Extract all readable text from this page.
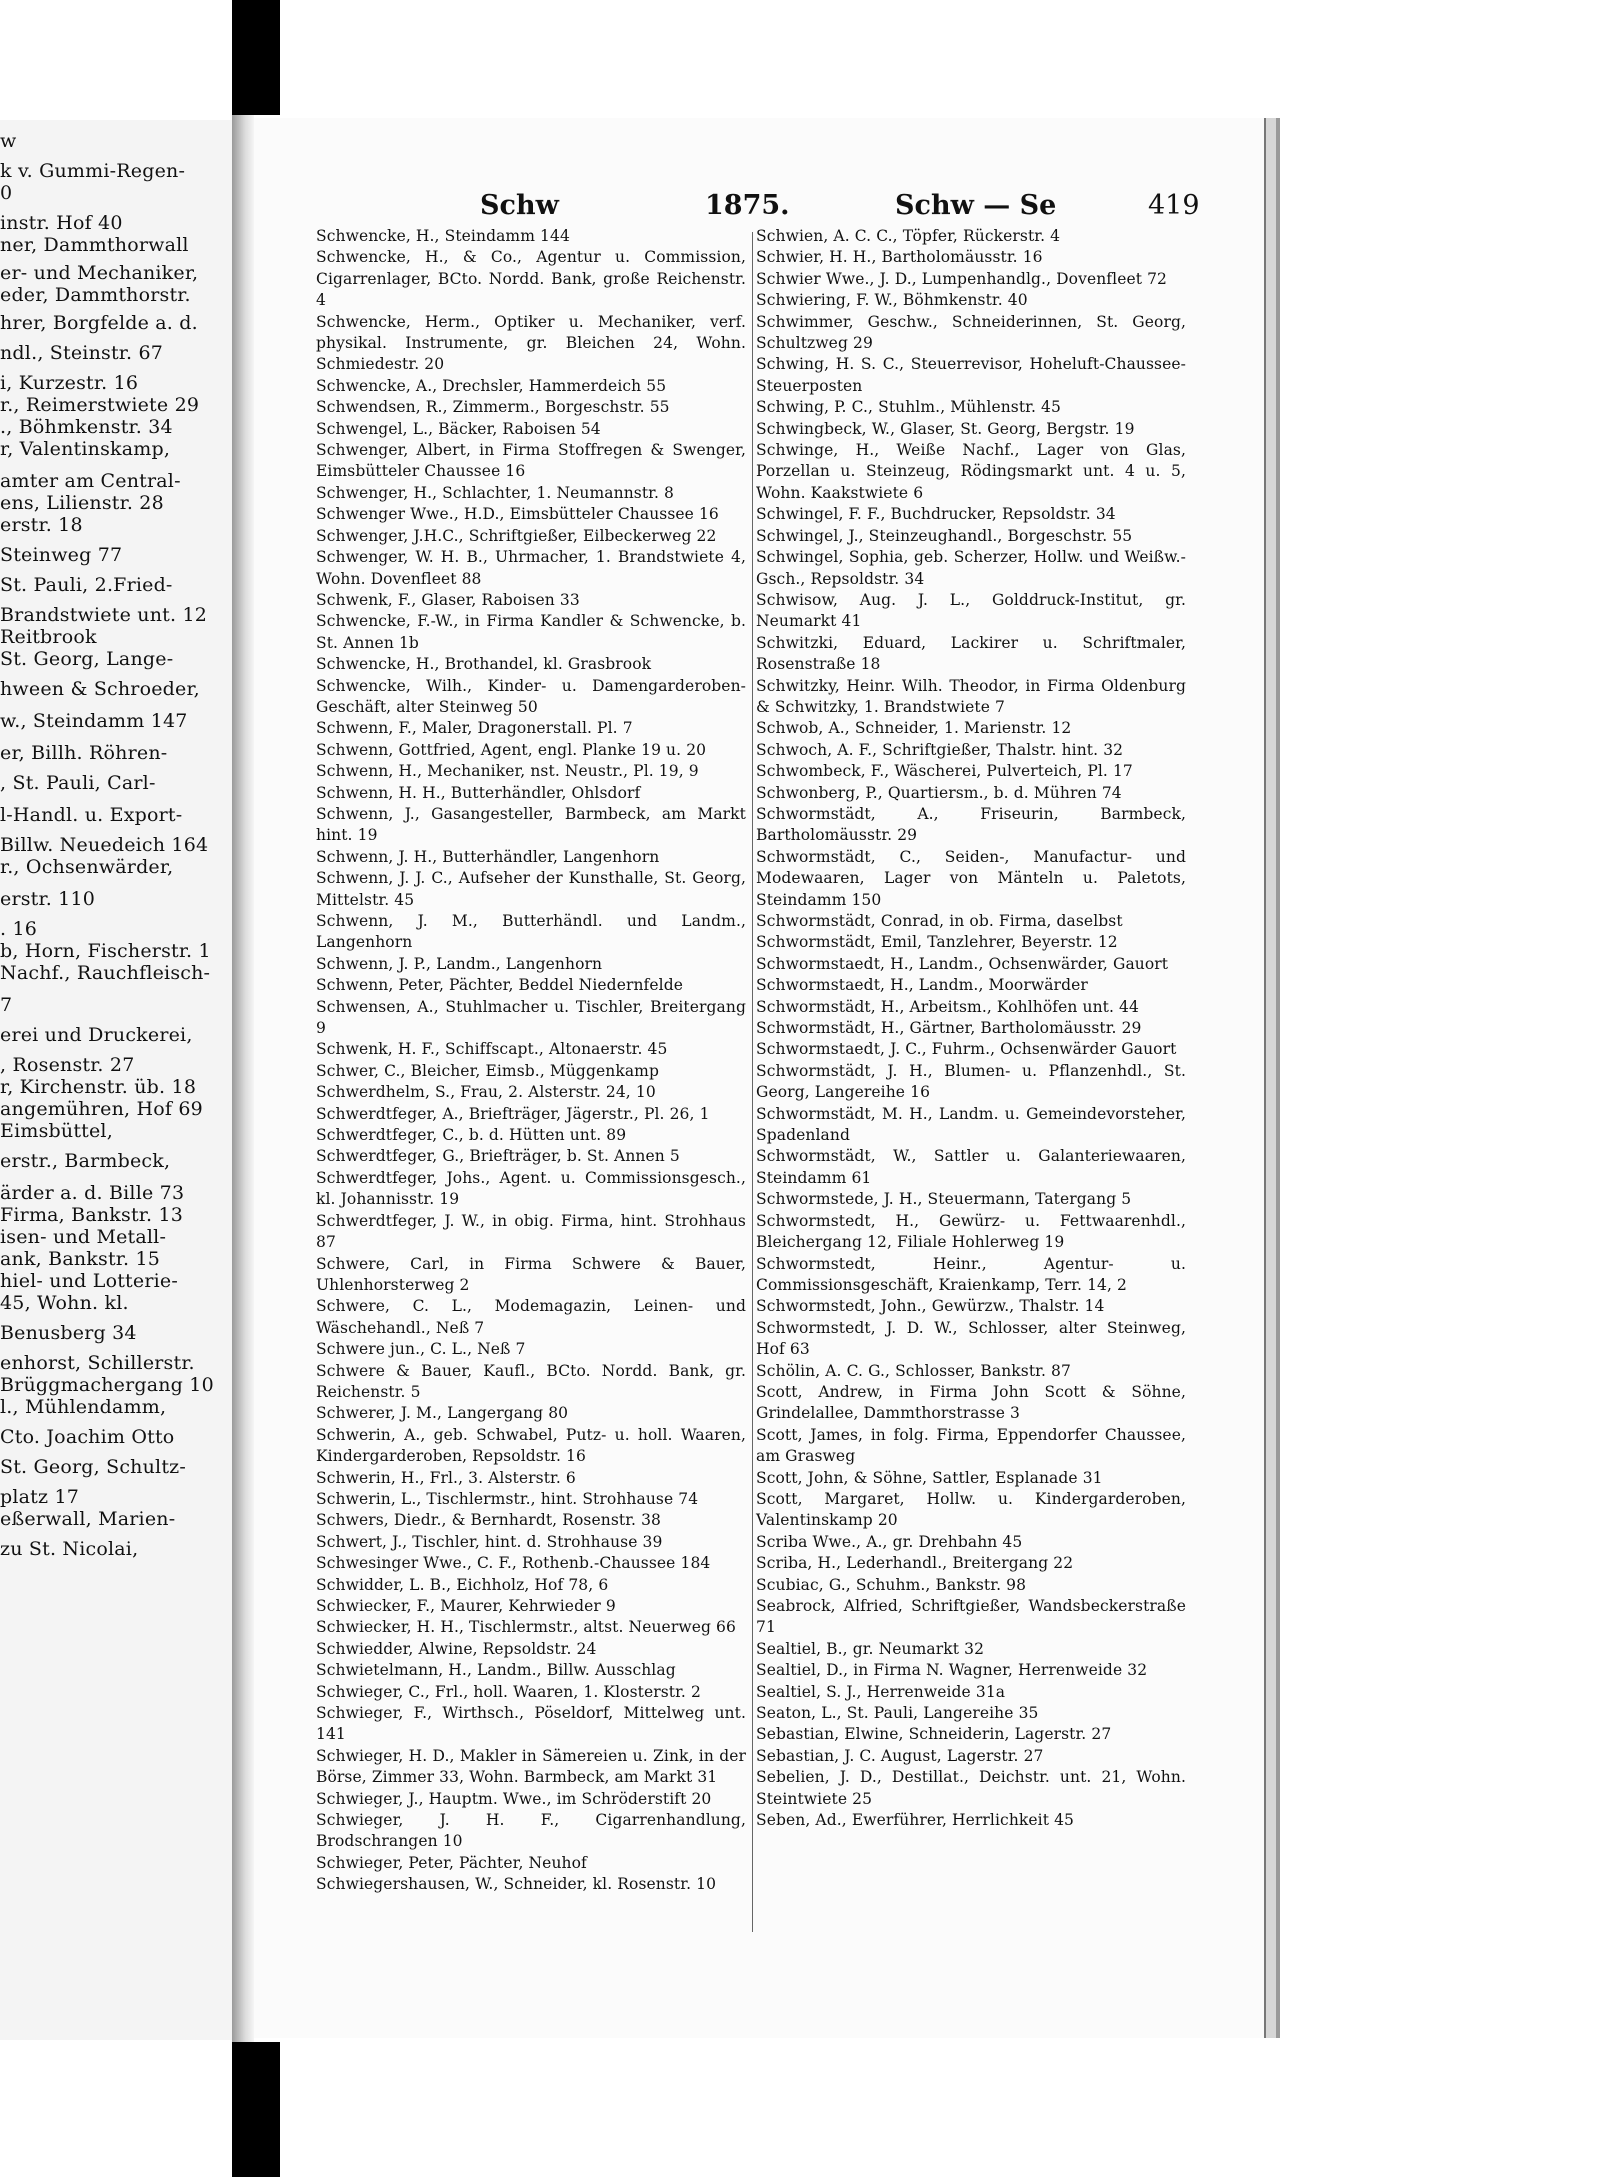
w
k v. Gummi-Regen-
0
instr. Hof 40
ner, Dammthorwall
er- und Mechaniker,
eder, Dammthorstr.
hrer, Borgfelde a. d.
ndl., Steinstr. 67
i, Kurzestr. 16
r., Reimerstwiete 29
., Böhmkenstr. 34
r, Valentinskamp,
amter am Central-
ens, Lilienstr. 28
erstr. 18
Steinweg 77
St. Pauli, 2.Fried-
Brandstwiete unt. 12
Reitbrook
St. Georg, Lange-
hween & Schroeder,
w., Steindamm 147
er, Billh. Röhren-
, St. Pauli, Carl-
l-Handl. u. Export-
Billw. Neuedeich 164
r., Ochsenwärder,
erstr. 110
. 16
b, Horn, Fischerstr. 1
Nachf., Rauchfleisch-
7
erei und Druckerei,
, Rosenstr. 27
r, Kirchenstr. üb. 18
angemühren, Hof 69
Eimsbüttel,
erstr., Barmbeck,
ärder a. d. Bille 73
Firma, Bankstr. 13
isen- und Metall-
ank, Bankstr. 15
hiel- und Lotterie-
45, Wohn. kl.
Benusberg 34
enhorst, Schillerstr.
Brüggmachergang 10
l., Mühlendamm,
Cto. Joachim Otto
St. Georg, Schultz-
platz 17
eßerwall, Marien-
zu St. Nicolai,
Schw	1875.	Schw — Se	419

Schwencke, H., Steindamm 144

Schwencke, H., & Co., Agentur u. Commission, Cigarrenlager, BCto. Nordd. Bank, große Reichenstr. 4

Schwencke, Herm., Optiker u. Mechaniker, verf. physikal. Instrumente, gr. Bleichen 24, Wohn. Schmiedestr. 20

Schwencke, A., Drechsler, Hammerdeich 55

Schwendsen, R., Zimmerm., Borgeschstr. 55

Schwengel, L., Bäcker, Raboisen 54

Schwenger, Albert, in Firma Stoffregen & Swenger, Eimsbütteler Chaussee 16

Schwenger, H., Schlachter, 1. Neumannstr. 8

Schwenger Wwe., H.D., Eimsbütteler Chaussee 16

Schwenger, J.H.C., Schriftgießer, Eilbeckerweg 22

Schwenger, W. H. B., Uhrmacher, 1. Brandstwiete 4, Wohn. Dovenfleet 88

Schwenk, F., Glaser, Raboisen 33

Schwencke, F.-W., in Firma Kandler & Schwencke, b. St. Annen 1b

Schwencke, H., Brothandel, kl. Grasbrook

Schwencke, Wilh., Kinder- u. Damengarderoben-Geschäft, alter Steinweg 50

Schwenn, F., Maler, Dragonerstall. Pl. 7

Schwenn, Gottfried, Agent, engl. Planke 19 u. 20

Schwenn, H., Mechaniker, nst. Neustr., Pl. 19, 9

Schwenn, H. H., Butterhändler, Ohlsdorf

Schwenn, J., Gasangesteller, Barmbeck, am Markt hint. 19

Schwenn, J. H., Butterhändler, Langenhorn

Schwenn, J. J. C., Aufseher der Kunsthalle, St. Georg, Mittelstr. 45

Schwenn, J. M., Butterhändl. und Landm., Langenhorn

Schwenn, J. P., Landm., Langenhorn

Schwenn, Peter, Pächter, Beddel Niedernfelde

Schwensen, A., Stuhlmacher u. Tischler, Breitergang 9

Schwenk, H. F., Schiffscapt., Altonaerstr. 45

Schwer, C., Bleicher, Eimsb., Müggenkamp

Schwerdhelm, S., Frau, 2. Alsterstr. 24, 10

Schwerdtfeger, A., Briefträger, Jägerstr., Pl. 26, 1

Schwerdtfeger, C., b. d. Hütten unt. 89

Schwerdtfeger, G., Briefträger, b. St. Annen 5

Schwerdtfeger, Johs., Agent. u. Commissionsgesch., kl. Johannisstr. 19

Schwerdtfeger, J. W., in obig. Firma, hint. Strohhaus 87

Schwere, Carl, in Firma Schwere & Bauer, Uhlenhorsterweg 2

Schwere, C. L., Modemagazin, Leinen- und Wäschehandl., Neß 7

Schwere jun., C. L., Neß 7

Schwere & Bauer, Kaufl., BCto. Nordd. Bank, gr. Reichenstr. 5

Schwerer, J. M., Langergang 80

Schwerin, A., geb. Schwabel, Putz- u. holl. Waaren, Kindergarderoben, Repsoldstr. 16

Schwerin, H., Frl., 3. Alsterstr. 6

Schwerin, L., Tischlermstr., hint. Strohhause 74

Schwers, Diedr., & Bernhardt, Rosenstr. 38

Schwert, J., Tischler, hint. d. Strohhause 39

Schwesinger Wwe., C. F., Rothenb.-Chaussee 184

Schwidder, L. B., Eichholz, Hof 78, 6

Schwiecker, F., Maurer, Kehrwieder 9

Schwiecker, H. H., Tischlermstr., altst. Neuerweg 66

Schwiedder, Alwine, Repsoldstr. 24

Schwietelmann, H., Landm., Billw. Ausschlag

Schwieger, C., Frl., holl. Waaren, 1. Klosterstr. 2

Schwieger, F., Wirthsch., Pöseldorf, Mittelweg unt. 141

Schwieger, H. D., Makler in Sämereien u. Zink, in der Börse, Zimmer 33, Wohn. Barmbeck, am Markt 31

Schwieger, J., Hauptm. Wwe., im Schröderstift 20

Schwieger, J. H. F., Cigarrenhandlung, Brodschrangen 10

Schwieger, Peter, Pächter, Neuhof

Schwiegershausen, W., Schneider, kl. Rosenstr. 10

Schwien, A. C. C., Töpfer, Rückerstr. 4

Schwier, H. H., Bartholomäusstr. 16

Schwier Wwe., J. D., Lumpenhandlg., Dovenfleet 72

Schwiering, F. W., Böhmkenstr. 40

Schwimmer, Geschw., Schneiderinnen, St. Georg, Schultzweg 29

Schwing, H. S. C., Steuerrevisor, Hoheluft-Chaussee-Steuerposten

Schwing, P. C., Stuhlm., Mühlenstr. 45

Schwingbeck, W., Glaser, St. Georg, Bergstr. 19

Schwinge, H., Weiße Nachf., Lager von Glas, Porzellan u. Steinzeug, Rödingsmarkt unt. 4 u. 5, Wohn. Kaakstwiete 6

Schwingel, F. F., Buchdrucker, Repsoldstr. 34

Schwingel, J., Steinzeughandl., Borgeschstr. 55

Schwingel, Sophia, geb. Scherzer, Hollw. und Weißw.-Gsch., Repsoldstr. 34

Schwisow, Aug. J. L., Golddruck-Institut, gr. Neumarkt 41

Schwitzki, Eduard, Lackirer u. Schriftmaler, Rosenstraße 18

Schwitzky, Heinr. Wilh. Theodor, in Firma Oldenburg & Schwitzky, 1. Brandstwiete 7

Schwob, A., Schneider, 1. Marienstr. 12

Schwoch, A. F., Schriftgießer, Thalstr. hint. 32

Schwombeck, F., Wäscherei, Pulverteich, Pl. 17

Schwonberg, P., Quartiersm., b. d. Mühren 74

Schwormstädt, A., Friseurin, Barmbeck, Bartholomäusstr. 29

Schwormstädt, C., Seiden-, Manufactur- und Modewaaren, Lager von Mänteln u. Paletots, Steindamm 150

Schwormstädt, Conrad, in ob. Firma, daselbst

Schwormstädt, Emil, Tanzlehrer, Beyerstr. 12

Schwormstaedt, H., Landm., Ochsenwärder, Gauort

Schwormstaedt, H., Landm., Moorwärder

Schwormstädt, H., Arbeitsm., Kohlhöfen unt. 44

Schwormstädt, H., Gärtner, Bartholomäusstr. 29

Schwormstaedt, J. C., Fuhrm., Ochsenwärder Gauort

Schwormstädt, J. H., Blumen- u. Pflanzenhdl., St. Georg, Langereihe 16

Schwormstädt, M. H., Landm. u. Gemeindevorsteher, Spadenland

Schwormstädt, W., Sattler u. Galanteriewaaren, Steindamm 61

Schwormstede, J. H., Steuermann, Tatergang 5

Schwormstedt, H., Gewürz- u. Fettwaarenhdl., Bleichergang 12, Filiale Hohlerweg 19

Schwormstedt, Heinr., Agentur- u. Commissionsgeschäft, Kraienkamp, Terr. 14, 2

Schwormstedt, John., Gewürzw., Thalstr. 14

Schwormstedt, J. D. W., Schlosser, alter Steinweg, Hof 63

Schölin, A. C. G., Schlosser, Bankstr. 87

Scott, Andrew, in Firma John Scott & Söhne, Grindelallee, Dammthorstrasse 3

Scott, James, in folg. Firma, Eppendorfer Chaussee, am Grasweg

Scott, John, & Söhne, Sattler, Esplanade 31

Scott, Margaret, Hollw. u. Kindergarderoben, Valentinskamp 20

Scriba Wwe., A., gr. Drehbahn 45

Scriba, H., Lederhandl., Breitergang 22

Scubiac, G., Schuhm., Bankstr. 98

Seabrock, Alfried, Schriftgießer, Wandsbeckerstraße 71

Sealtiel, B., gr. Neumarkt 32

Sealtiel, D., in Firma N. Wagner, Herrenweide 32

Sealtiel, S. J., Herrenweide 31a

Seaton, L., St. Pauli, Langereihe 35

Sebastian, Elwine, Schneiderin, Lagerstr. 27

Sebastian, J. C. August, Lagerstr. 27

Sebelien, J. D., Destillat., Deichstr. unt. 21, Wohn. Steintwiete 25

Seben, Ad., Ewerführer, Herrlichkeit 45
